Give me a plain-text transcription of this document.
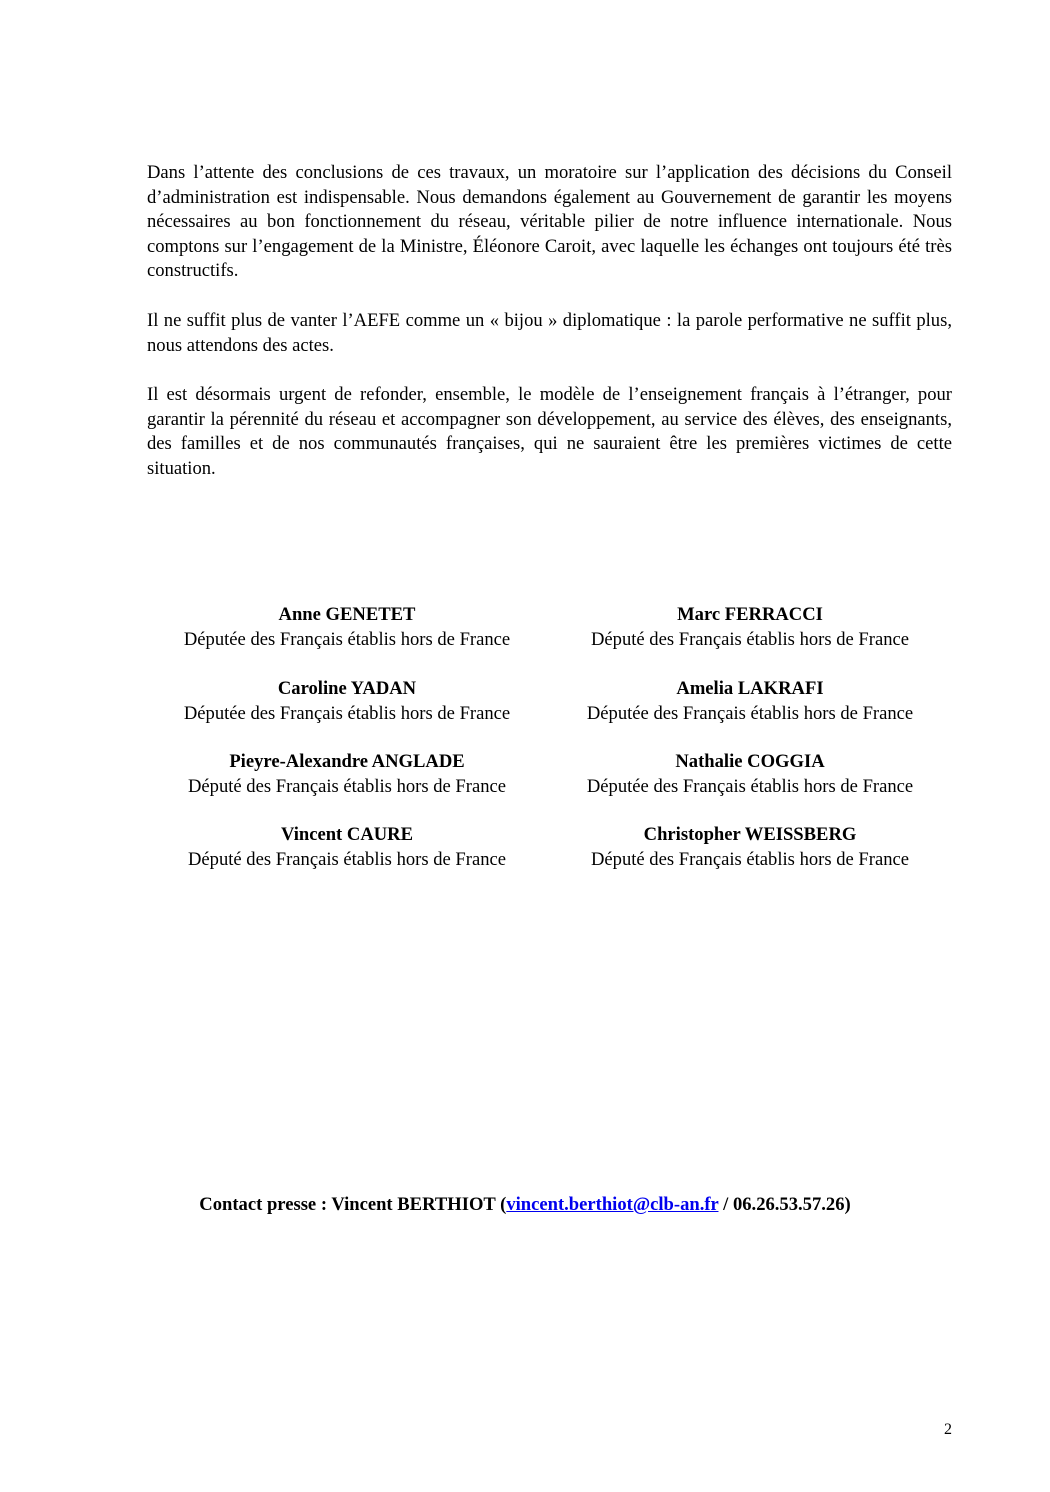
Dans l’attente des conclusions de ces travaux, un moratoire sur l’application des décisions du Conseil d’administration est indispensable. Nous demandons également au Gouvernement de garantir les moyens nécessaires au bon fonctionnement du réseau, véritable pilier de notre influence internationale. Nous comptons sur l’engagement de la Ministre, Éléonore Caroit, avec laquelle les échanges ont toujours été très constructifs.

Il ne suffit plus de vanter l’AEFE comme un « bijou » diplomatique : la parole performative ne suffit plus, nous attendons des actes.

Il est désormais urgent de refonder, ensemble, le modèle de l’enseignement français à l’étranger, pour garantir la pérennité du réseau et accompagner son développement, au service des élèves, des enseignants, des familles et de nos communautés françaises, qui ne sauraient être les premières victimes de cette situation.

Anne GENETET
Députée des Français établis hors de France
Marc FERRACCI
Député des Français établis hors de France
Caroline YADAN
Députée des Français établis hors de France
Amelia LAKRAFI
Députée des Français établis hors de France
Pieyre-Alexandre ANGLADE
Député des Français établis hors de France
Nathalie COGGIA
Députée des Français établis hors de France
Vincent CAURE
Député des Français établis hors de France
Christopher WEISSBERG
Député des Français établis hors de France
Contact presse : Vincent BERTHIOT (vincent.berthiot@clb-an.fr / 06.26.53.57.26)
2
